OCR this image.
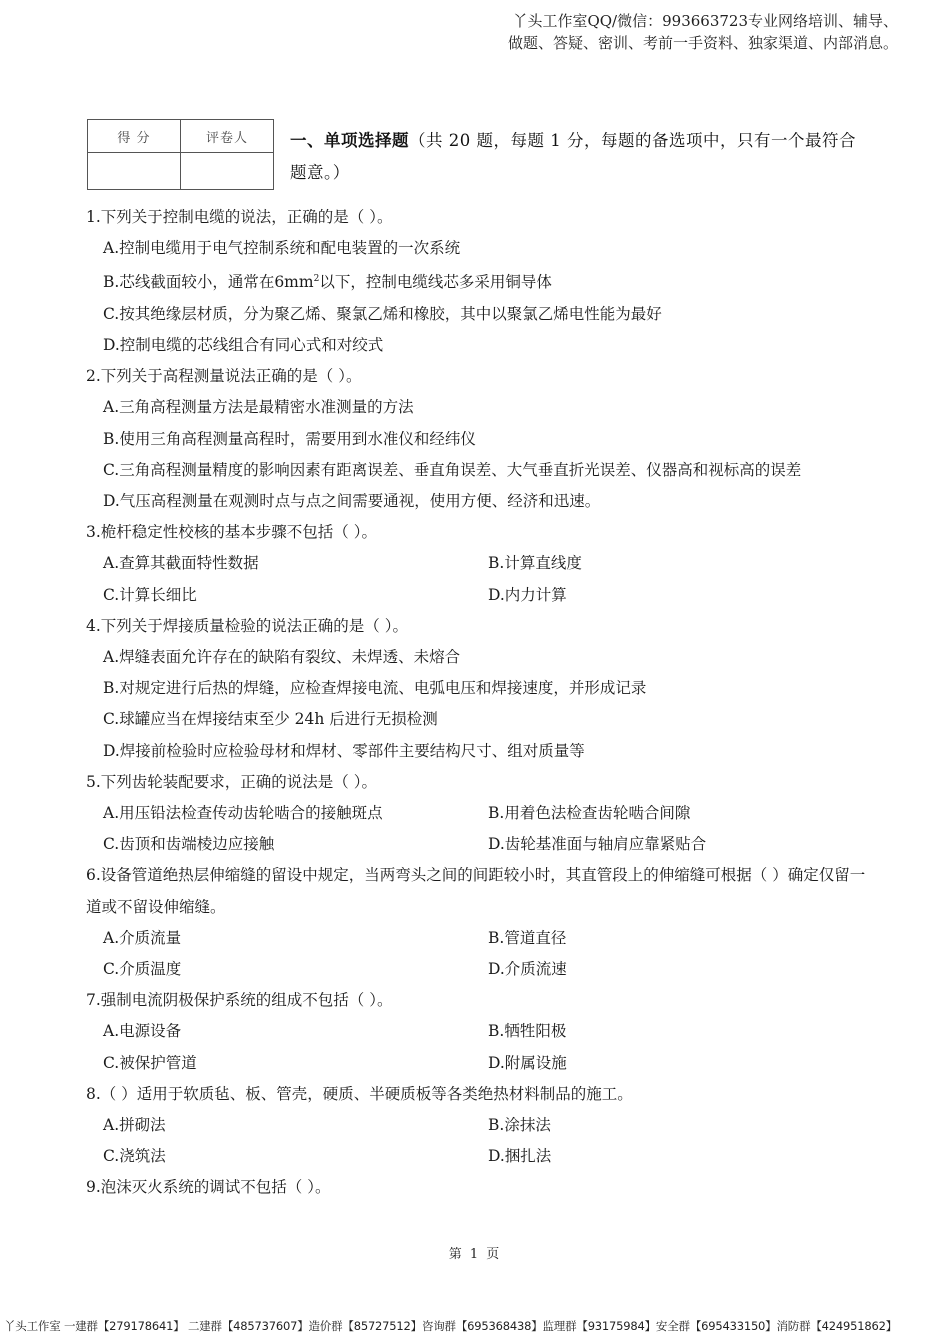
丫头工作室QQ/微信：993663723专业网络培训、辅导、
做题、答疑、密训、考前一手资料、独家渠道、内部消息。
得 分	评卷人
		一、单项选择题（共 20 题，每题 1 分，每题的备选项中，只有一个最符合题意。）

1.下列关于控制电缆的说法，正确的是（ ）。

A.控制电缆用于电气控制系统和配电装置的一次系统
B.芯线截面较小，通常在$6mm^2$以下，控制电缆线芯多采用铜导体
C.按其绝缘层材质，分为聚乙烯、聚氯乙烯和橡胶，其中以聚氯乙烯电性能为最好
D.控制电缆的芯线组合有同心式和对绞式

2.下列关于高程测量说法正确的是（ ）。

A.三角高程测量方法是最精密水准测量的方法
B.使用三角高程测量高程时，需要用到水准仪和经纬仪
C.三角高程测量精度的影响因素有距离误差、垂直角误差、大气垂直折光误差、仪器高和视标高的误差
D.气压高程测量在观测时点与点之间需要通视，使用方便、经济和迅速。

3.桅杆稳定性校核的基本步骤不包括（ ）。

A.查算其截面特性数据	B.计算直线度
C.计算长细比	D.内力计算

4.下列关于焊接质量检验的说法正确的是（ ）。

A.焊缝表面允许存在的缺陷有裂纹、未焊透、未熔合
B.对规定进行后热的焊缝，应检查焊接电流、电弧电压和焊接速度，并形成记录
C.球罐应当在焊接结束至少 24h 后进行无损检测
D.焊接前检验时应检验母材和焊材、零部件主要结构尺寸、组对质量等

5.下列齿轮装配要求，正确的说法是（ ）。

A.用压铅法检查传动齿轮啮合的接触斑点	B.用着色法检查齿轮啮合间隙
C.齿顶和齿端棱边应接触	D.齿轮基准面与轴肩应靠紧贴合

6.设备管道绝热层伸缩缝的留设中规定，当两弯头之间的间距较小时，其直管段上的伸缩缝可根据（ ）确定仅留一道或不留设伸缩缝。

A.介质流量	B.管道直径
C.介质温度	D.介质流速

7.强制电流阴极保护系统的组成不包括（ ）。

A.电源设备	B.牺牲阳极
C.被保护管道	D.附属设施

8.（ ）适用于软质毡、板、管壳，硬质、半硬质板等各类绝热材料制品的施工。

A.拼砌法	B.涂抹法
C.浇筑法	D.捆扎法

9.泡沫灭火系统的调试不包括（ ）。

第 1 页
丫头工作室 一建群【279178641】 二建群【485737607】造价群【85727512】咨询群【695368438】监理群【93175984】安全群【695433150】消防群【424951862】
